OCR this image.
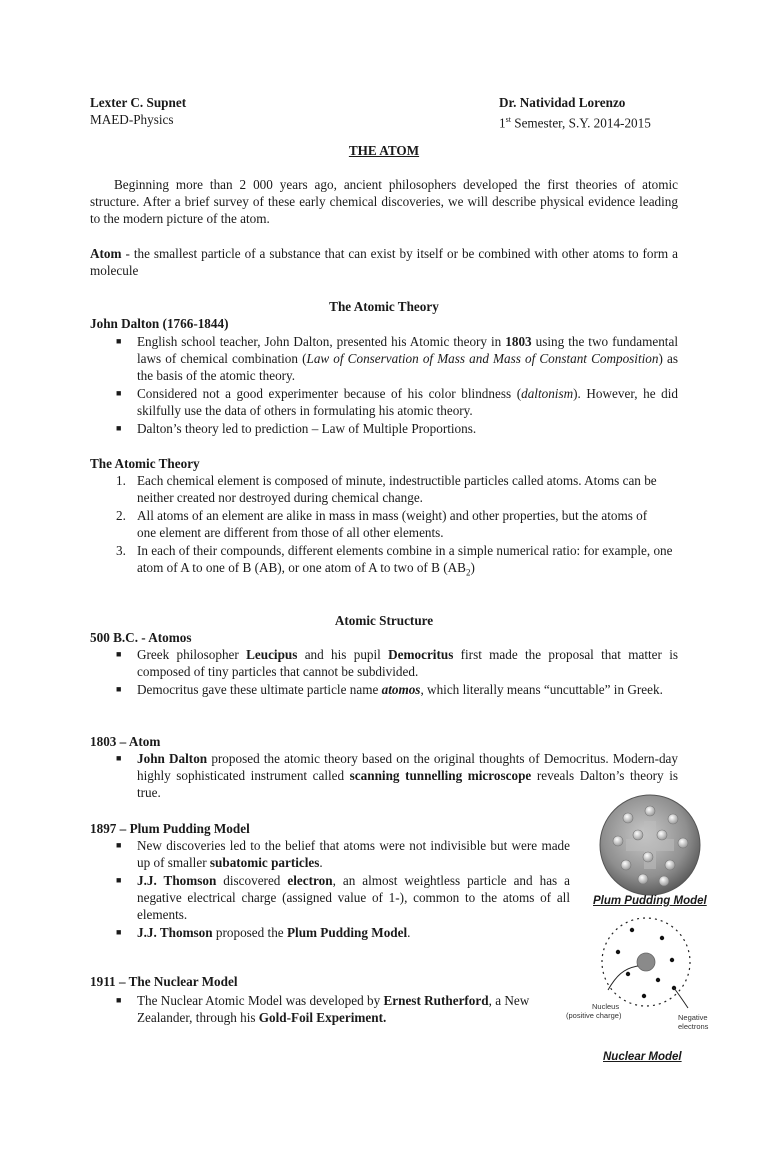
Lexter C. Supnet
MAED-Physics
Dr. Natividad Lorenzo
1st Semester, S.Y. 2014-2015
THE ATOM
Beginning more than 2 000 years ago, ancient philosophers developed the first theories of atomic structure. After a brief survey of these early chemical discoveries, we will describe physical evidence leading to the modern picture of the atom.
Atom - the smallest particle of a substance that can exist by itself or be combined with other atoms to form a molecule
The Atomic Theory
John Dalton (1766-1844)
■ English school teacher, John Dalton, presented his Atomic theory in 1803 using the two fundamental laws of chemical combination (Law of Conservation of Mass and Mass of Constant Composition) as the basis of the atomic theory.
■ Considered not a good experimenter because of his color blindness (daltonism). However, he did skilfully use the data of others in formulating his atomic theory.
■ Dalton’s theory led to prediction – Law of Multiple Proportions.
The Atomic Theory
1. Each chemical element is composed of minute, indestructible particles called atoms. Atoms can be neither created nor destroyed during chemical change.
2. All atoms of an element are alike in mass in mass (weight) and other properties, but the atoms of one element are different from those of all other elements.
3. In each of their compounds, different elements combine in a simple numerical ratio: for example, one atom of A to one of B (AB), or one atom of A to two of B $(AB_2)$
Atomic Structure
500 B.C. - Atomos
■ Greek philosopher Leucipus and his pupil Democritus first made the proposal that matter is composed of tiny particles that cannot be subdivided.
■ Democritus gave these ultimate particle name atomos, which literally means “uncuttable” in Greek.
1803 – Atom
■ John Dalton proposed the atomic theory based on the original thoughts of Democritus. Modern-day highly sophisticated instrument called scanning tunnelling microscope reveals Dalton’s theory is true.
1897 – Plum Pudding Model
■ New discoveries led to the belief that atoms were not indivisible but were made up of smaller subatomic particles.
■ J.J. Thomson discovered electron, an almost weightless particle and has a negative electrical charge (assigned value of 1-), common to the atoms of all elements.
■ J.J. Thomson proposed the Plum Pudding Model.
Plum Pudding Model
1911 – The Nuclear Model
■ The Nuclear Atomic Model was developed by Ernest Rutherford, a New Zealander, through his Gold-Foil Experiment.
Nucleus
(positive charge)	Negative
electrons
Nuclear Model
